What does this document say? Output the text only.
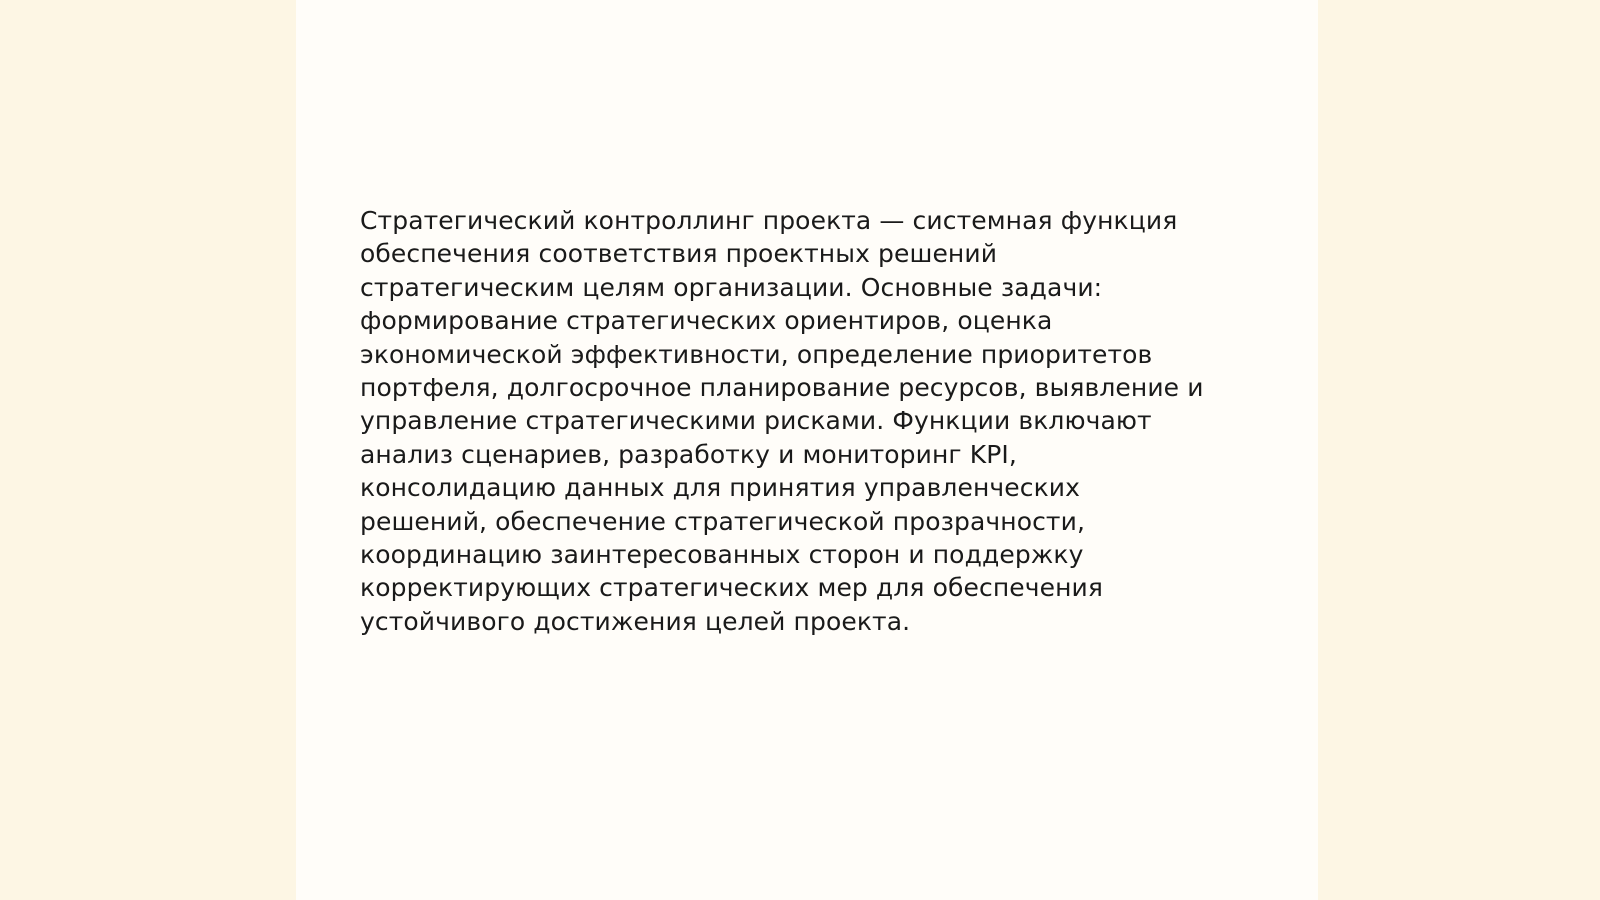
Стратегический контроллинг проекта — системная функция
обеспечения соответствия проектных решений
стратегическим целям организации. Основные задачи:
формирование стратегических ориентиров, оценка
экономической эффективности, определение приоритетов
портфеля, долгосрочное планирование ресурсов, выявление и
управление стратегическими рисками. Функции включают
анализ сценариев, разработку и мониторинг KPI,
консолидацию данных для принятия управленческих
решений, обеспечение стратегической прозрачности,
координацию заинтересованных сторон и поддержку
корректирующих стратегических мер для обеспечения
устойчивого достижения целей проекта.
